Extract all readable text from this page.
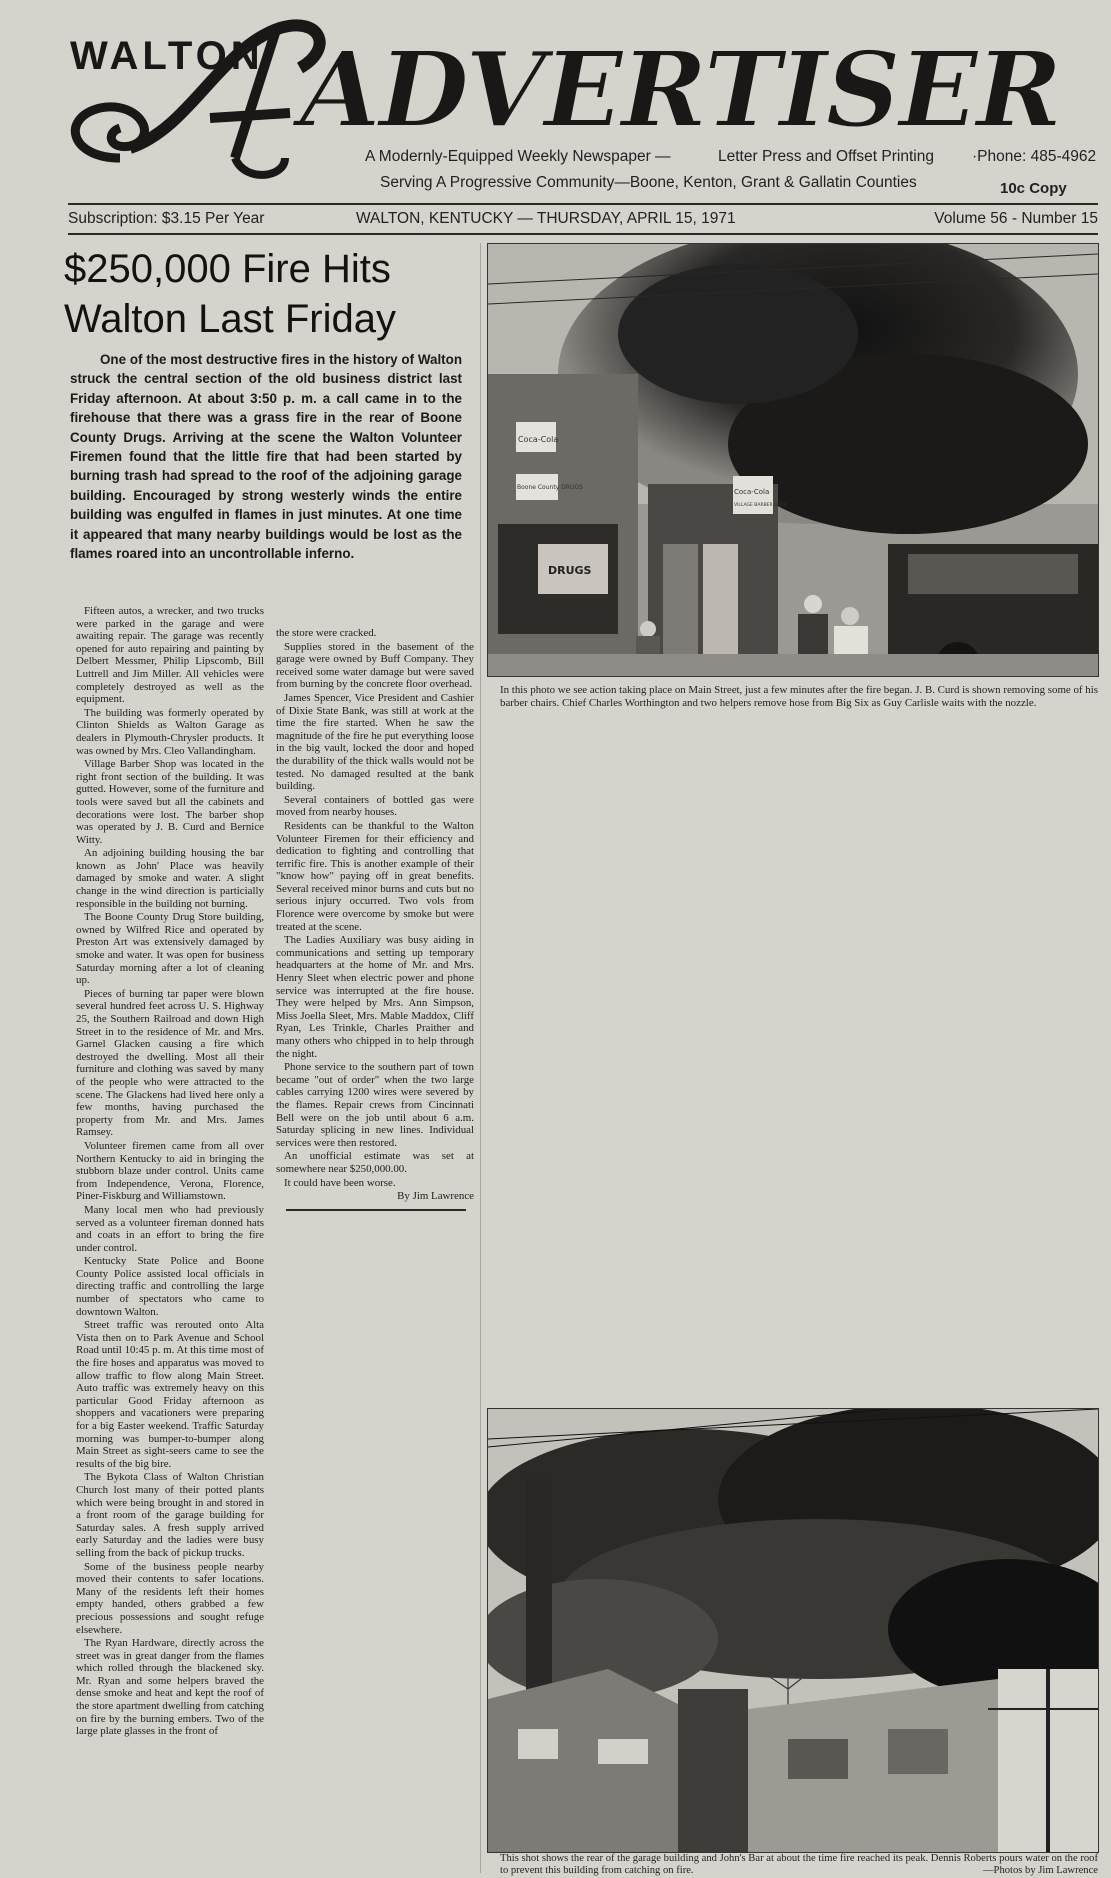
ADVERTISER
WALTON
A Modernly-Equipped Weekly Newspaper —	Letter Press and Offset Printing ·Phone: 485-4962
Serving A Progressive Community—Boone, Kenton, Grant & Gallatin Counties	10c Copy
Subscription: $3.15 Per Year	WALTON, KENTUCKY — THURSDAY, APRIL 15, 1971	Volume 56 - Number 15
$250,000 Fire Hits Walton Last Friday
One of the most destructive fires in the history of Walton struck the central section of the old business district last Friday afternoon. At about 3:50 p. m. a call came in to the firehouse that there was a grass fire in the rear of Boone County Drugs. Arriving at the scene the Walton Volunteer Firemen found that the little fire that had been started by burning trash had spread to the roof of the adjoining garage building. Encouraged by strong westerly winds the entire building was engulfed in flames in just minutes. At one time it appeared that many nearby buildings would be lost as the flames roared into an uncontrollable inferno.

Fifteen autos, a wrecker, and two trucks were parked in the garage and were awaiting repair. The garage was recently opened for auto repairing and painting by Delbert Messmer, Philip Lipscomb, Bill Luttrell and Jim Miller. All vehicles were completely destroyed as well as the equipment.

The building was formerly operated by Clinton Shields as Walton Garage as dealers in Plymouth-Chrysler products. It was owned by Mrs. Cleo Vallandingham.

Village Barber Shop was located in the right front section of the building. It was gutted. However, some of the furniture and tools were saved but all the cabinets and decorations were lost. The barber shop was operated by J. B. Curd and Bernice Witty.

An adjoining building housing the bar known as John' Place was heavily damaged by smoke and water. A slight change in the wind direction is particially responsible in the building not burning.

The Boone County Drug Store building, owned by Wilfred Rice and operated by Preston Art was extensively damaged by smoke and water. It was open for business Saturday morning after a lot of cleaning up.

Pieces of burning tar paper were blown several hundred feet across U. S. Highway 25, the Southern Railroad and down High Street in to the residence of Mr. and Mrs. Garnel Glacken causing a fire which destroyed the dwelling. Most all their furniture and clothing was saved by many of the people who were attracted to the scene. The Glackens had lived here only a few months, having purchased the property from Mr. and Mrs. James Ramsey.

Volunteer firemen came from all over Northern Kentucky to aid in bringing the stubborn blaze under control. Units came from Independence, Verona, Florence, Piner-Fiskburg and Williamstown.

Many local men who had previously served as a volunteer fireman donned hats and coats in an effort to bring the fire under control.

Kentucky State Police and Boone County Police assisted local officials in directing traffic and controlling the large number of spectators who came to downtown Walton.

Street traffic was rerouted onto Alta Vista then on to Park Avenue and School Road until 10:45 p. m. At this time most of the fire hoses and apparatus was moved to allow traffic to flow along Main Street. Auto traffic was extremely heavy on this particular Good Friday afternoon as shoppers and vacationers were preparing for a big Easter weekend. Traffic Saturday morning was bumper-to-bumper along Main Street as sight-seers came to see the results of the big bire.

The Bykota Class of Walton Christian Church lost many of their potted plants which were being brought in and stored in a front room of the garage building for Saturday sales. A fresh supply arrived early Saturday and the ladies were busy selling from the back of pickup trucks.

Some of the business people nearby moved their contents to safer locations. Many of the residents left their homes empty handed, others grabbed a few precious possessions and sought refuge elsewhere.

The Ryan Hardware, directly across the street was in great danger from the flames which rolled through the blackened sky. Mr. Ryan and some helpers braved the dense smoke and heat and kept the roof of the store apartment dwelling from catching on fire by the burning embers. Two of the large plate glasses in the front of

the store were cracked.

Supplies stored in the basement of the garage were owned by Buff Company. They received some water damage but were saved from burning by the concrete floor overhead.

James Spencer, Vice President and Cashier of Dixie State Bank, was still at work at the time the fire started. When he saw the magnitude of the fire he put everything loose in the big vault, locked the door and hoped the durability of the thick walls would not be tested. No damaged resulted at the bank building.

Several containers of bottled gas were moved from nearby houses.

Residents can be thankful to the Walton Volunteer Firemen for their efficiency and dedication to fighting and controlling that terrific fire. This is another example of their "know how" paying off in great benefits. Several received minor burns and cuts but no serious injury occurred. Two vols from Florence were overcome by smoke but were treated at the scene.

The Ladies Auxiliary was busy aiding in communications and setting up temporary headquarters at the home of Mr. and Mrs. Henry Sleet when electric power and phone service was interrupted at the fire house. They were helped by Mrs. Ann Simpson, Miss Joella Sleet, Mrs. Mable Maddox, Cliff Ryan, Les Trinkle, Charles Praither and many others who chipped in to help through the night.

Phone service to the southern part of town became "out of order" when the two large cables carrying 1200 wires were severed by the flames. Repair crews from Cincinnati Bell were on the job until about 6 a.m. Saturday splicing in new lines. Individual services were then restored.

An unofficial estimate was set at somewhere near $250,000.00.

It could have been worse.

By Jim Lawrence
Coca-Cola
Boone County DRUGS
DRUGS
Coca-Cola
VILLAGE BARBER SHOP
In this photo we see action taking place on Main Street, just a few minutes after the fire began. J. B. Curd is shown removing some of his barber chairs. Chief Charles Worthington and two helpers remove hose from Big Six as Guy Carlisle waits with the nozzle.
This shot shows the rear of the garage building and John's Bar at about the time fire reached its peak. Dennis Roberts pours water on the roof to prevent this building from catching on fire.	—Photos by Jim Lawrence
